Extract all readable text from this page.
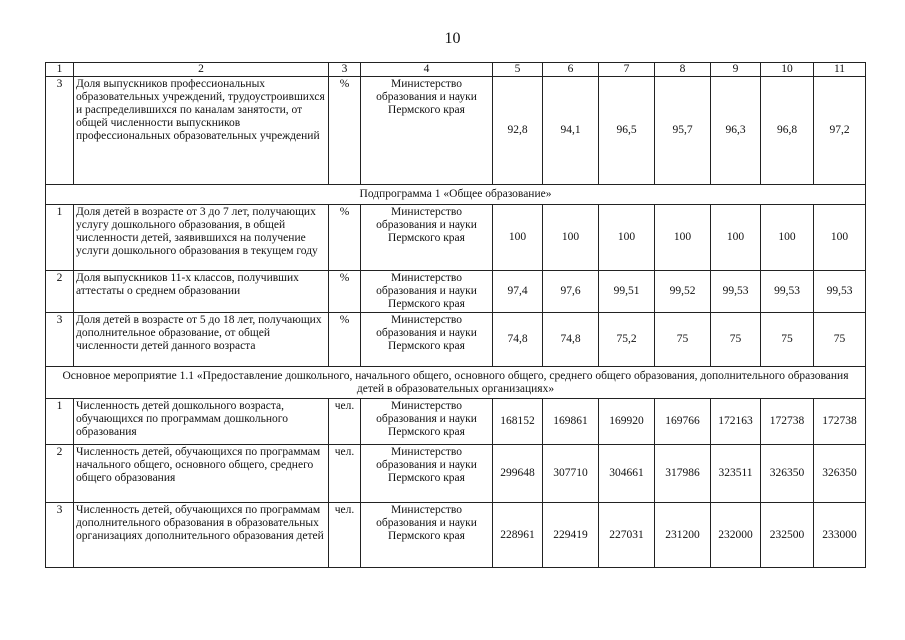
10
1	2	3	4	5	6	7	8	9	10	11
3	Доля выпускников профессиональных образовательных учреждений, трудоустроившихся и распределившихся по каналам занятости, от общей численности выпускников профессиональных образовательных учреждений	%	Министерство образования и науки Пермского края	92,8	94,1	96,5	95,7	96,3	96,8	97,2
Подпрограмма 1 «Общее образование»										
1	Доля детей в возрасте от 3 до 7 лет, получающих услугу дошкольного образования, в общей численности детей, заявившихся на получение услуги дошкольного образования в текущем году	%	Министерство образования и науки Пермского края	100	100	100	100	100	100	100
2	Доля выпускников 11-х классов, получивших аттестаты о среднем образовании	%	Министерство образования и науки Пермского края	97,4	97,6	99,51	99,52	99,53	99,53	99,53
3	Доля детей в возрасте от 5 до 18 лет, получающих дополнительное образование, от общей численности детей данного возраста	%	Министерство образования и науки Пермского края	74,8	74,8	75,2	75	75	75	75
Основное мероприятие 1.1 «Предоставление дошкольного, начального общего, основного общего, среднего общего образования, дополнительного образования детей в образовательных организациях»										
1	Численность детей дошкольного возраста, обучающихся по программам дошкольного образования	чел.	Министерство образования и науки Пермского края	168152	169861	169920	169766	172163	172738	172738
2	Численность детей, обучающихся по программам начального общего, основного общего, среднего общего образования	чел.	Министерство образования и науки Пермского края	299648	307710	304661	317986	323511	326350	326350
3	Численность детей, обучающихся по программам дополнительного образования в образовательных организациях дополнительного образования детей	чел.	Министерство образования и науки Пермского края	228961	229419	227031	231200	232000	232500	233000
